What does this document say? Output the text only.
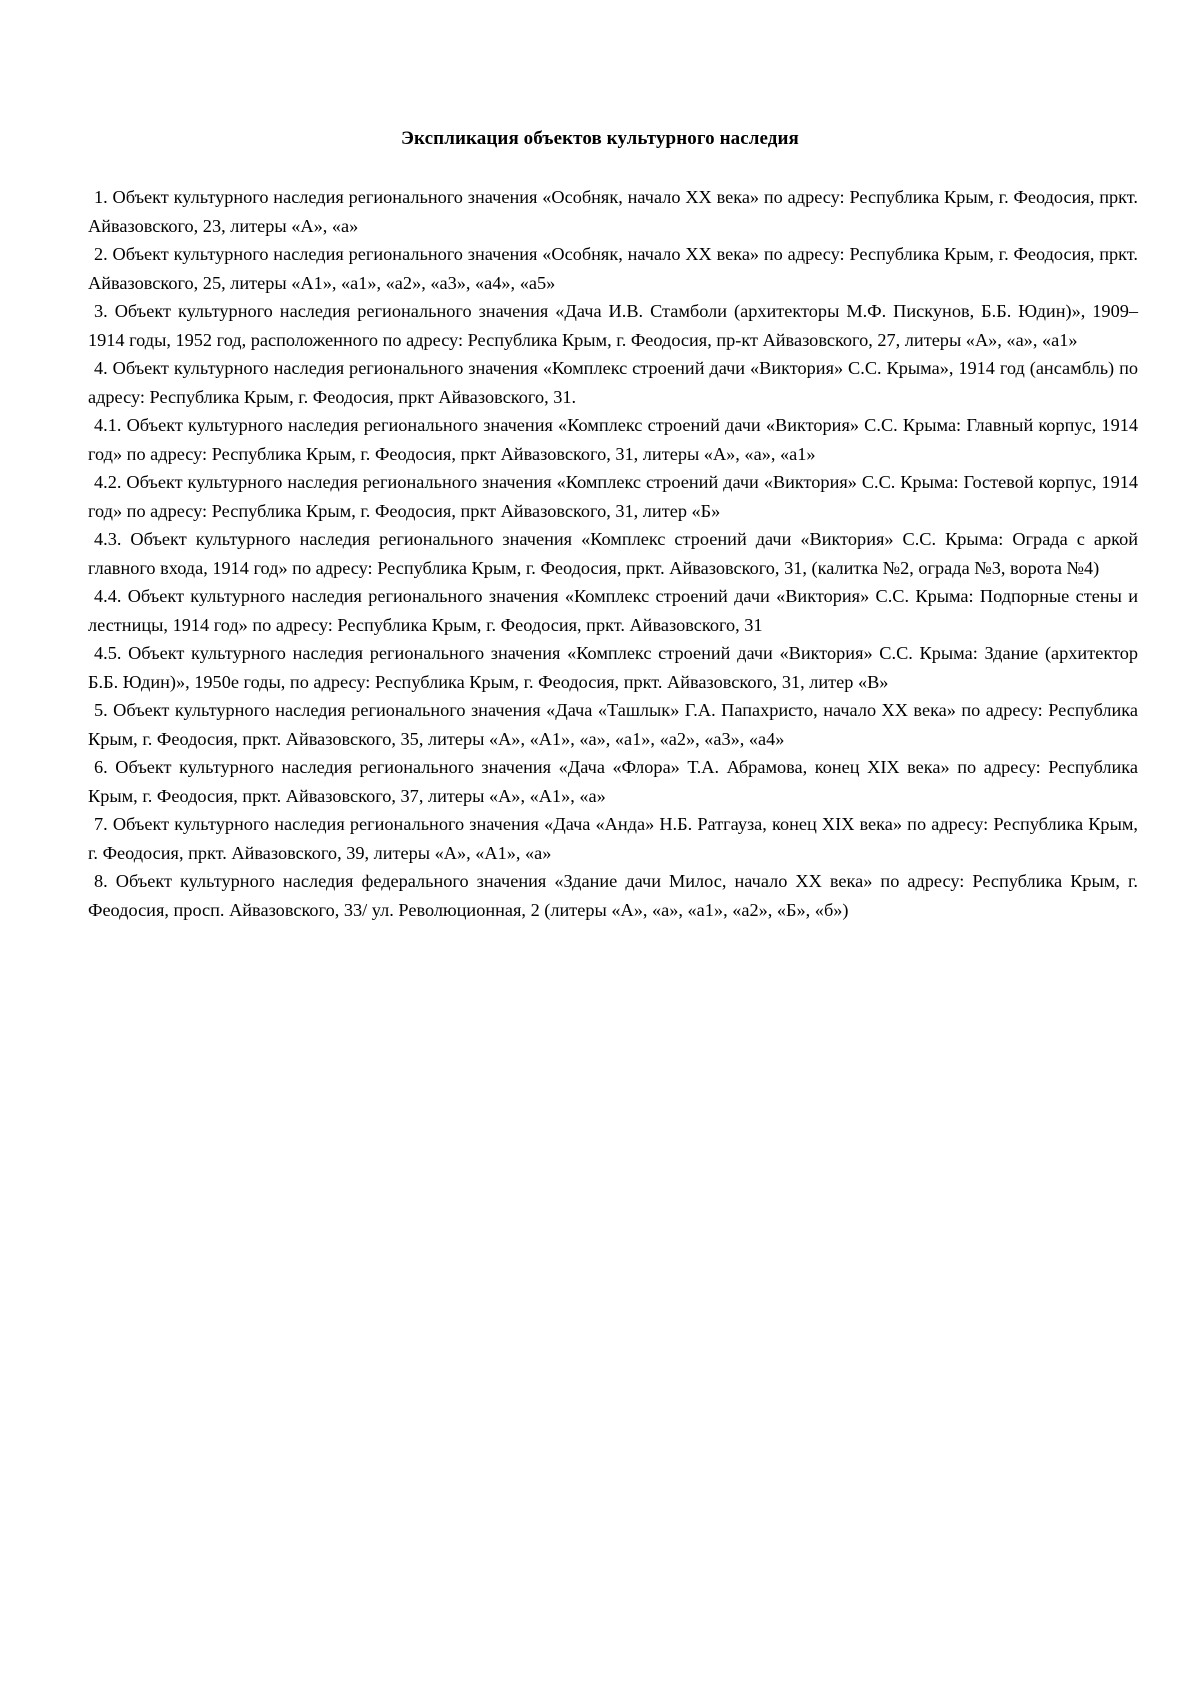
Экспликация объектов культурного наследия

1. Объект культурного наследия регионального значения «Особняк, начало XX века» по адресу: Республика Крым, г. Феодосия, пркт. Айвазовского, 23, литеры «А», «а»

2. Объект культурного наследия регионального значения «Особняк, начало XX века» по адресу: Республика Крым, г. Феодосия, пркт. Айвазовского, 25, литеры «А1», «а1», «а2», «а3», «а4», «а5»

3. Объект культурного наследия регионального значения «Дача И.В. Стамболи (архитекторы М.Ф. Пискунов, Б.Б. Юдин)», 1909–1914 годы, 1952 год, расположенного по адресу: Республика Крым, г. Феодосия, пр-кт Айвазовского, 27, литеры «А», «а», «а1»

4. Объект культурного наследия регионального значения «Комплекс строений дачи «Виктория» С.С. Крыма», 1914 год (ансамбль) по адресу: Республика Крым, г. Феодосия, пркт Айвазовского, 31.

4.1. Объект культурного наследия регионального значения «Комплекс строений дачи «Виктория» С.С. Крыма: Главный корпус, 1914 год» по адресу: Республика Крым, г. Феодосия, пркт Айвазовского, 31, литеры «А», «а», «а1»

4.2. Объект культурного наследия регионального значения «Комплекс строений дачи «Виктория» С.С. Крыма: Гостевой корпус, 1914 год» по адресу: Республика Крым, г. Феодосия, пркт Айвазовского, 31, литер «Б»

4.3. Объект культурного наследия регионального значения «Комплекс строений дачи «Виктория» С.С. Крыма: Ограда с аркой главного входа, 1914 год» по адресу: Республика Крым, г. Феодосия, пркт. Айвазовского, 31, (калитка №2, ограда №3, ворота №4)

4.4. Объект культурного наследия регионального значения «Комплекс строений дачи «Виктория» С.С. Крыма: Подпорные стены и лестницы, 1914 год» по адресу: Республика Крым, г. Феодосия, пркт. Айвазовского, 31

4.5. Объект культурного наследия регионального значения «Комплекс строений дачи «Виктория» С.С. Крыма: Здание (архитектор Б.Б. Юдин)», 1950е годы, по адресу: Республика Крым, г. Феодосия, пркт. Айвазовского, 31, литер «В»

5. Объект культурного наследия регионального значения «Дача «Ташлык» Г.А. Папахристо, начало XX века» по адресу: Республика Крым, г. Феодосия, пркт. Айвазовского, 35, литеры «А», «А1», «а», «а1», «а2», «а3», «а4»

6. Объект культурного наследия регионального значения «Дача «Флора» Т.А. Абрамова, конец XIX века» по адресу: Республика Крым, г. Феодосия, пркт. Айвазовского, 37, литеры «А», «А1», «а»

7. Объект культурного наследия регионального значения «Дача «Анда» Н.Б. Ратгауза, конец XIX века» по адресу: Республика Крым, г. Феодосия, пркт. Айвазовского, 39, литеры «А», «А1», «а»

8. Объект культурного наследия федерального значения «Здание дачи Милос, начало XX века» по адресу: Республика Крым, г. Феодосия, просп. Айвазовского, 33/ ул. Революционная, 2 (литеры «А», «а», «а1», «а2», «Б», «б»)
